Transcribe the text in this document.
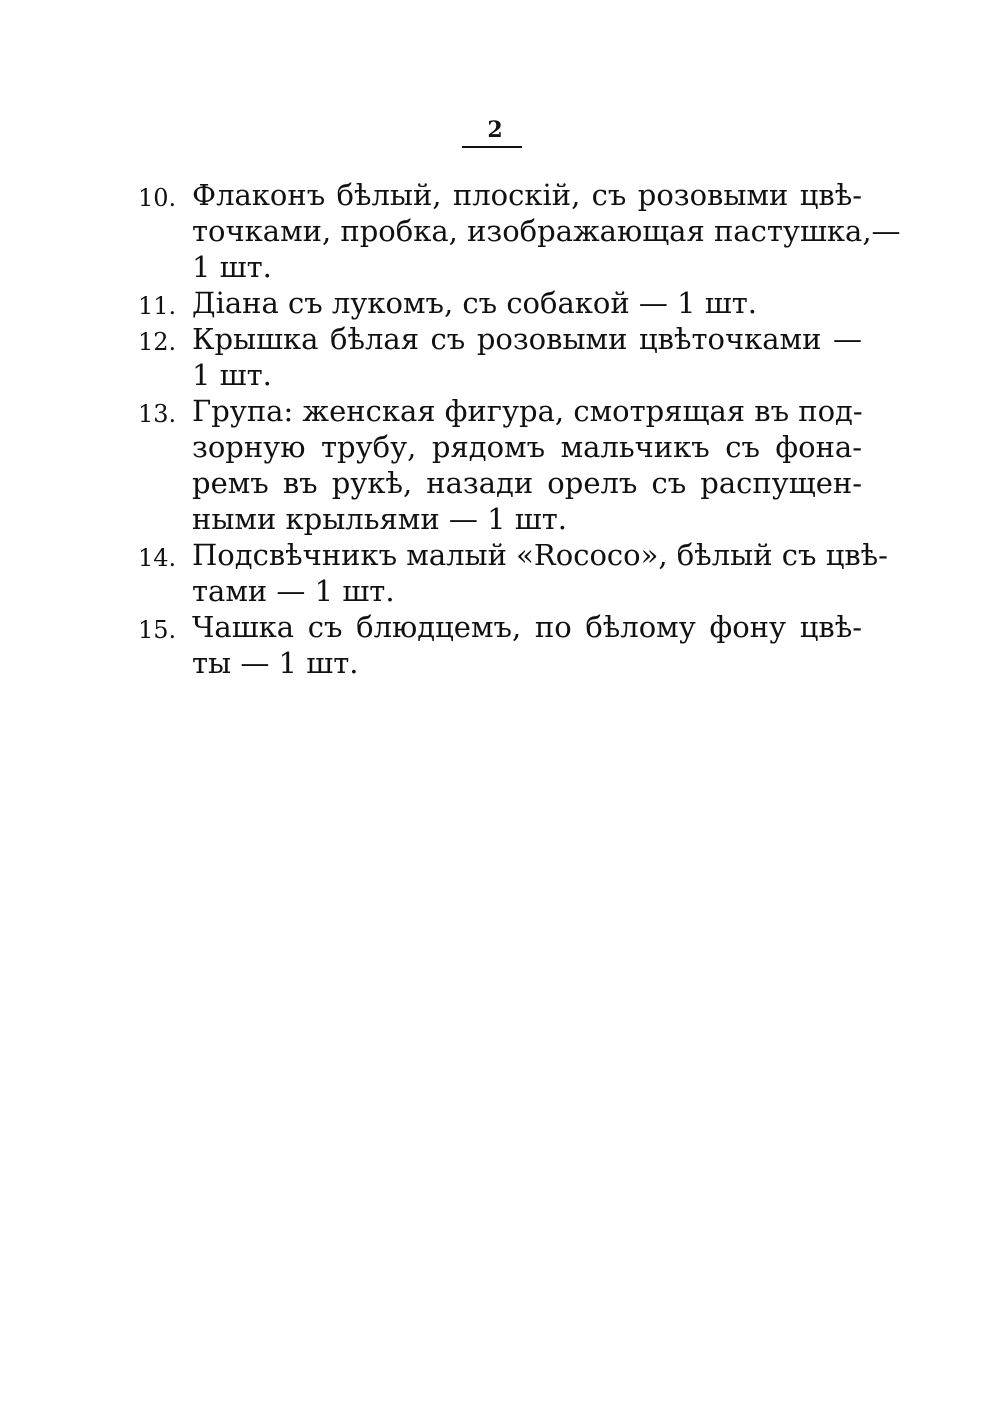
2
10. Флаконъ бѣлый, плоскій, съ розовыми цвѣ-
точками, пробка, изображающая пастушка,—
1 шт.
11. Діана съ лукомъ, съ собакой — 1 шт.
12. Крышка бѣлая съ розовыми цвѣточками —
1 шт.
13. Група: женская фигура, смотрящая въ под-
зорную трубу, рядомъ мальчикъ съ фона-
ремъ въ рукѣ, назади орелъ съ распущен-
ными крыльями — 1 шт.
14. Подсвѣчникъ малый «Rococo», бѣлый съ цвѣ-
тами — 1 шт.
15. Чашка съ блюдцемъ, по бѣлому фону цвѣ-
ты — 1 шт.
